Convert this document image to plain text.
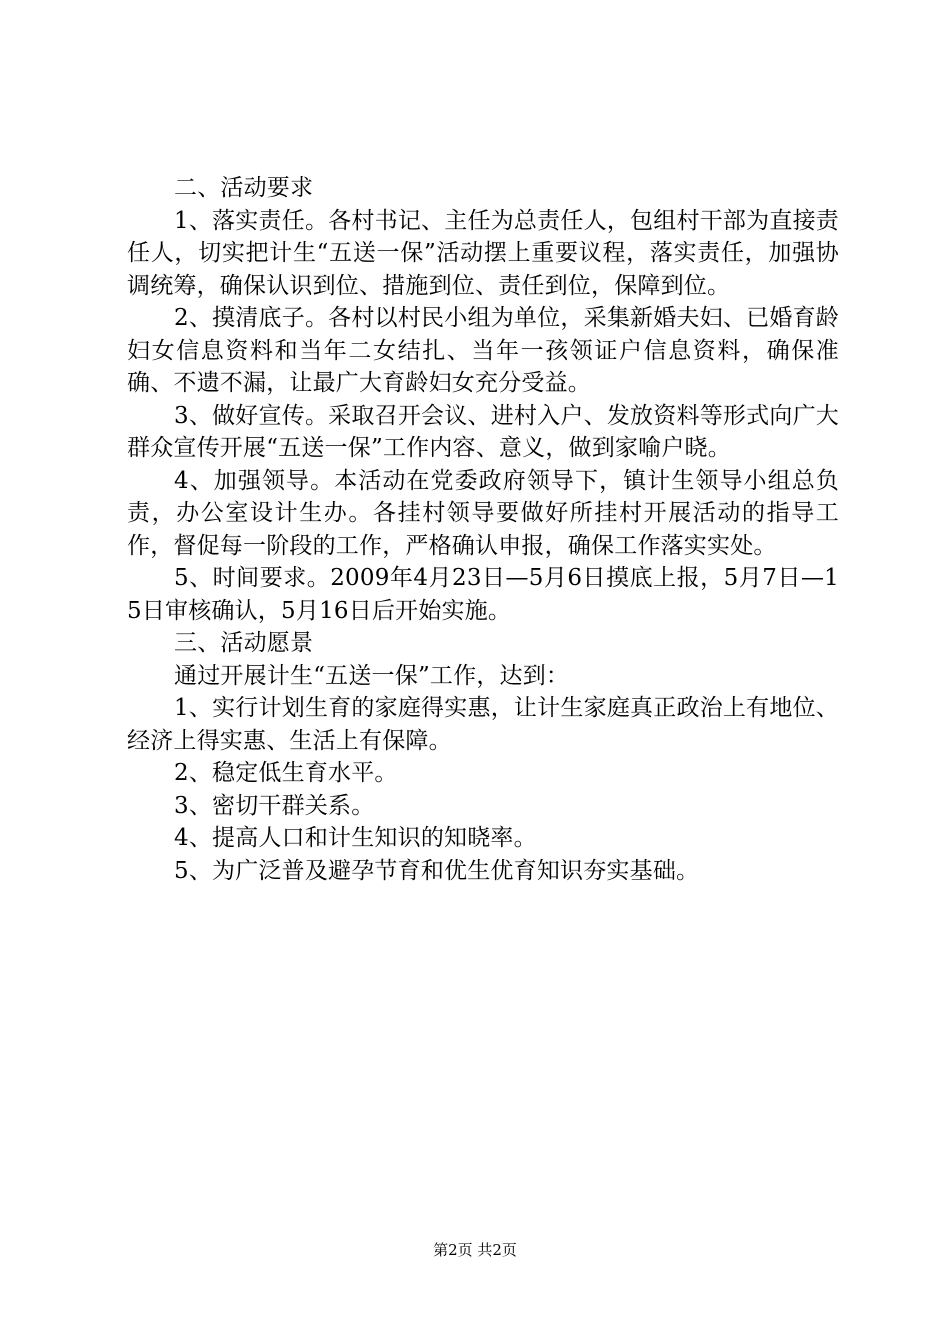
二、活动要求

1、落实责任。各村书记、主任为总责任人，包组村干部为直接责任人，切实把计生“五送一保”活动摆上重要议程，落实责任，加强协调统筹，确保认识到位、措施到位、责任到位，保障到位。

2、摸清底子。各村以村民小组为单位，采集新婚夫妇、已婚育龄妇女信息资料和当年二女结扎、当年一孩领证户信息资料，确保准确、不遗不漏，让最广大育龄妇女充分受益。

3、做好宣传。采取召开会议、进村入户、发放资料等形式向广大群众宣传开展“五送一保”工作内容、意义，做到家喻户晓。

4、加强领导。本活动在党委政府领导下，镇计生领导小组总负责，办公室设计生办。各挂村领导要做好所挂村开展活动的指导工作，督促每一阶段的工作，严格确认申报，确保工作落实实处。

5、时间要求。2009年4月23日—5月6日摸底上报，5月7日—15日审核确认，5月16日后开始实施。

三、活动愿景

通过开展计生“五送一保”工作，达到：

1、实行计划生育的家庭得实惠，让计生家庭真正政治上有地位、经济上得实惠、生活上有保障。

2、稳定低生育水平。

3、密切干群关系。

4、提高人口和计生知识的知晓率。

5、为广泛普及避孕节育和优生优育知识夯实基础。

第2页 共2页
